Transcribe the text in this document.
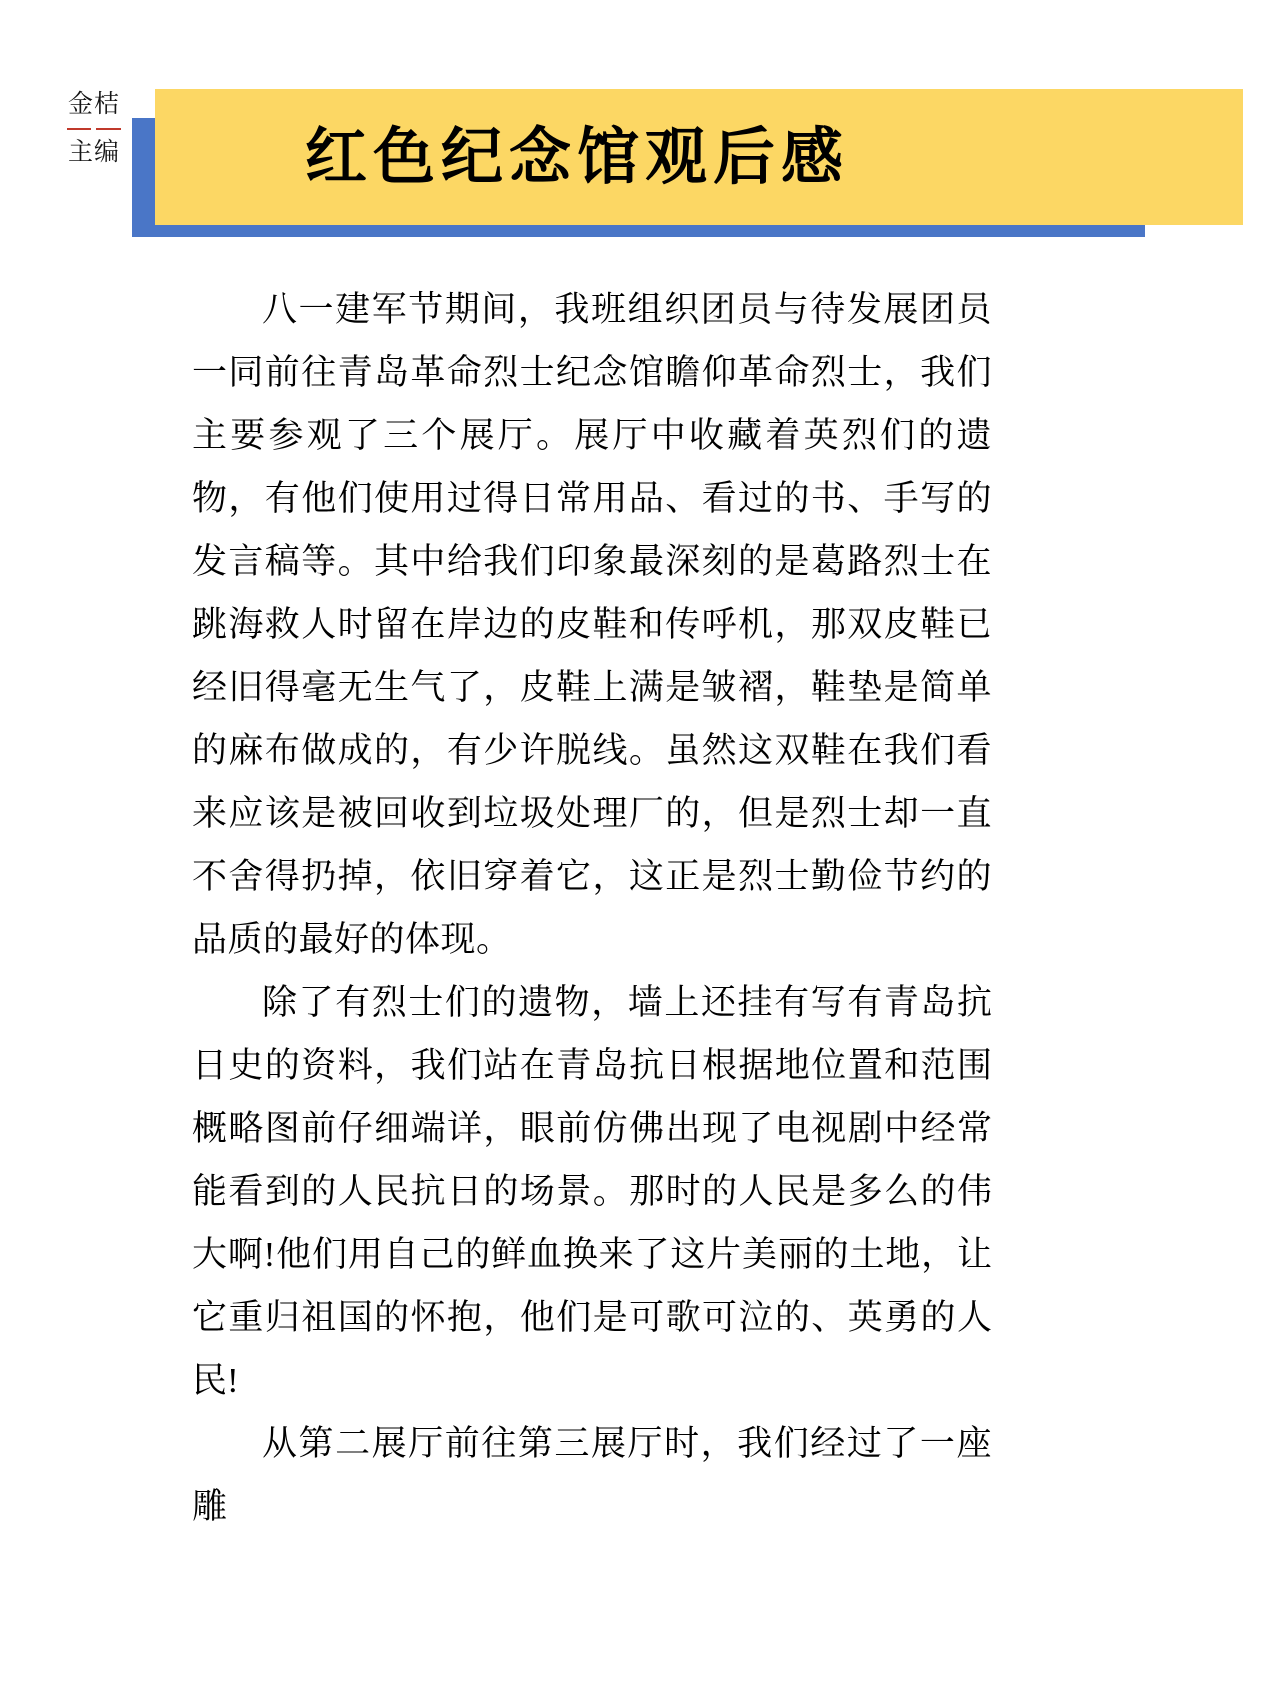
红色纪念馆观后感
金桔
主编

八一建军节期间，我班组织团员与待发展团员一同前往青岛革命烈士纪念馆瞻仰革命烈士，我们主要参观了三个展厅。展厅中收藏着英烈们的遗物，有他们使用过得日常用品、看过的书、手写的发言稿等。其中给我们印象最深刻的是葛路烈士在跳海救人时留在岸边的皮鞋和传呼机，那双皮鞋已经旧得毫无生气了，皮鞋上满是皱褶，鞋垫是简单的麻布做成的，有少许脱线。虽然这双鞋在我们看来应该是被回收到垃圾处理厂的，但是烈士却一直不舍得扔掉，依旧穿着它，这正是烈士勤俭节约的品质的最好的体现。

除了有烈士们的遗物，墙上还挂有写有青岛抗日史的资料，我们站在青岛抗日根据地位置和范围概略图前仔细端详，眼前仿佛出现了电视剧中经常能看到的人民抗日的场景。那时的人民是多么的伟大啊!他们用自己的鲜血换来了这片美丽的土地，让它重归祖国的怀抱，他们是可歌可泣的、英勇的人民!

从第二展厅前往第三展厅时，我们经过了一座雕
